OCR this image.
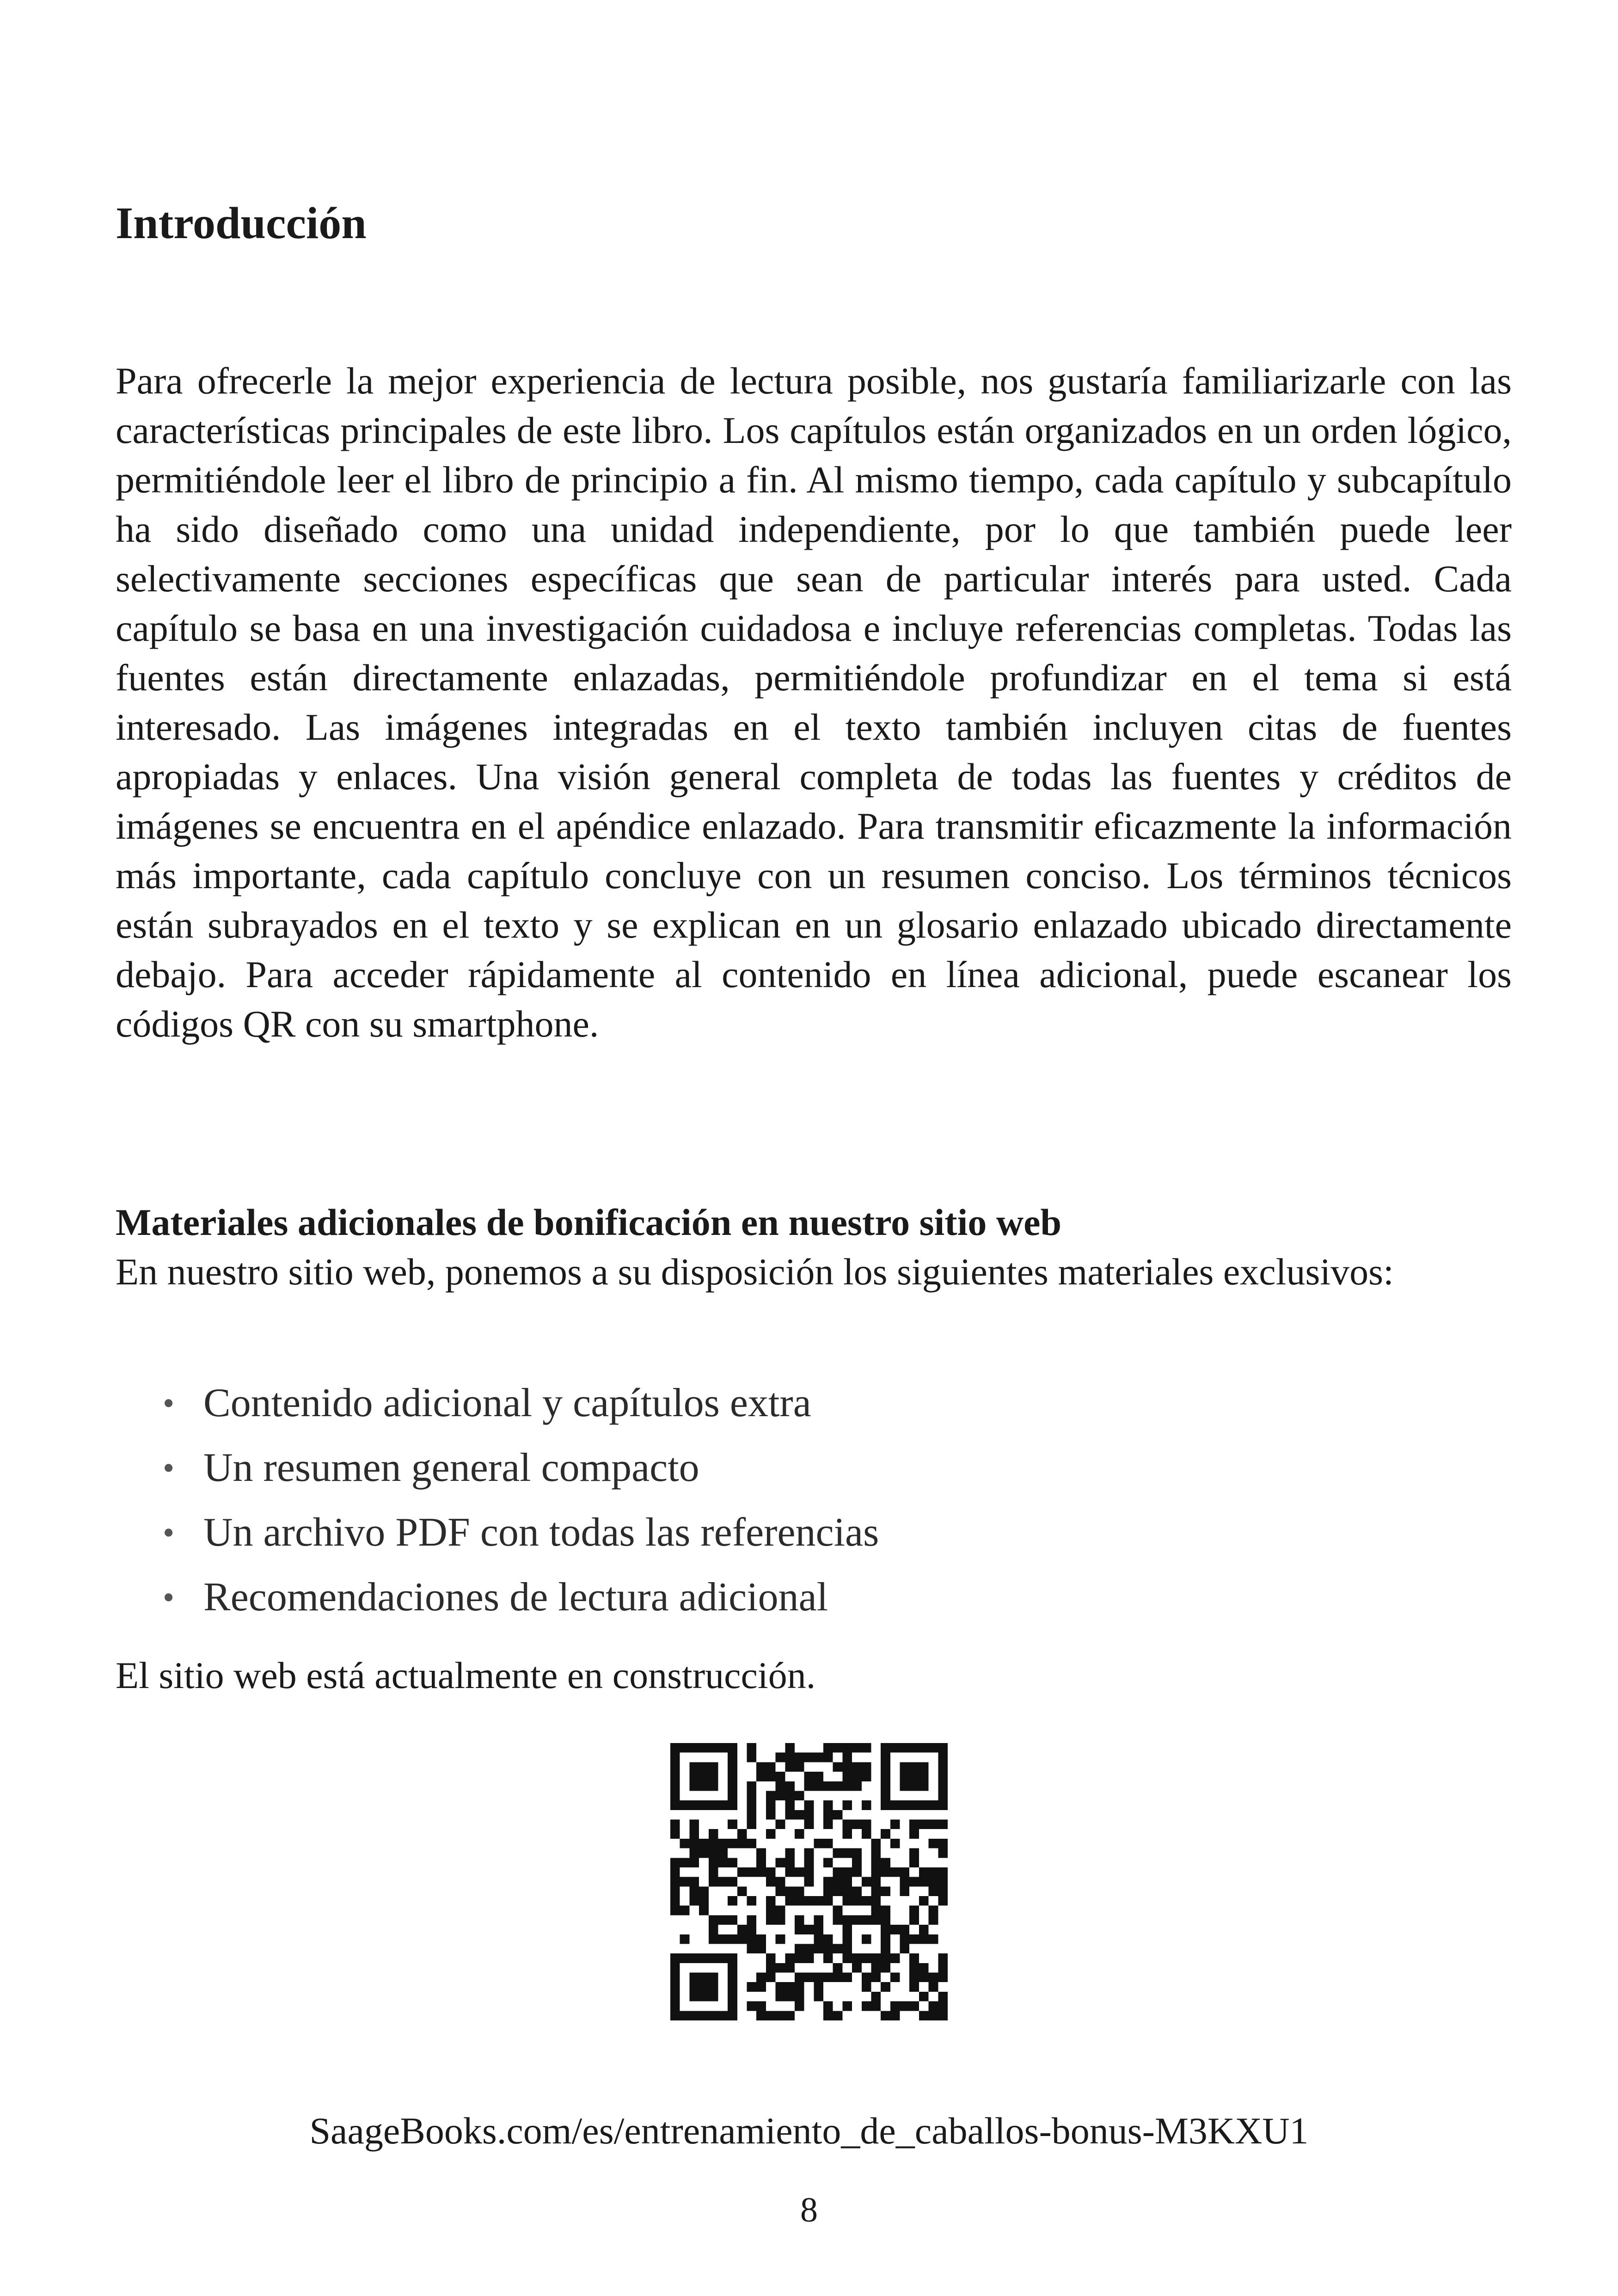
Introducción

Para ofrecerle la mejor experiencia de lectura posible, nos gustaría familiarizarle con las características principales de este libro. Los capítulos están organizados en un orden lógico, permitiéndole leer el libro de principio a fin. Al mismo tiempo, cada capítulo y subcapítulo ha sido diseñado como una unidad independiente, por lo que también puede leer selectivamente secciones específicas que sean de particular interés para usted. Cada capítulo se basa en una investigación cuidadosa e incluye referencias completas. Todas las fuentes están directamente enlazadas, permitiéndole profundizar en el tema si está interesado. Las imágenes integradas en el texto también incluyen citas de fuentes apropiadas y enlaces. Una visión general completa de todas las fuentes y créditos de imágenes se encuentra en el apéndice enlazado. Para transmitir eficazmente la información más importante, cada capítulo concluye con un resumen conciso. Los términos técnicos están subrayados en el texto y se explican en un glosario enlazado ubicado directamente debajo. Para acceder rápidamente al contenido en línea adicional, puede escanear los códigos QR con su smartphone.

Materiales adicionales de bonificación en nuestro sitio web

En nuestro sitio web, ponemos a su disposición los siguientes materiales exclusivos:

• Contenido adicional y capítulos extra
• Un resumen general compacto
• Un archivo PDF con todas las referencias
• Recomendaciones de lectura adicional

El sitio web está actualmente en construcción.

SaageBooks.com/es/entrenamiento_de_caballos-bonus-M3KXU1

8
